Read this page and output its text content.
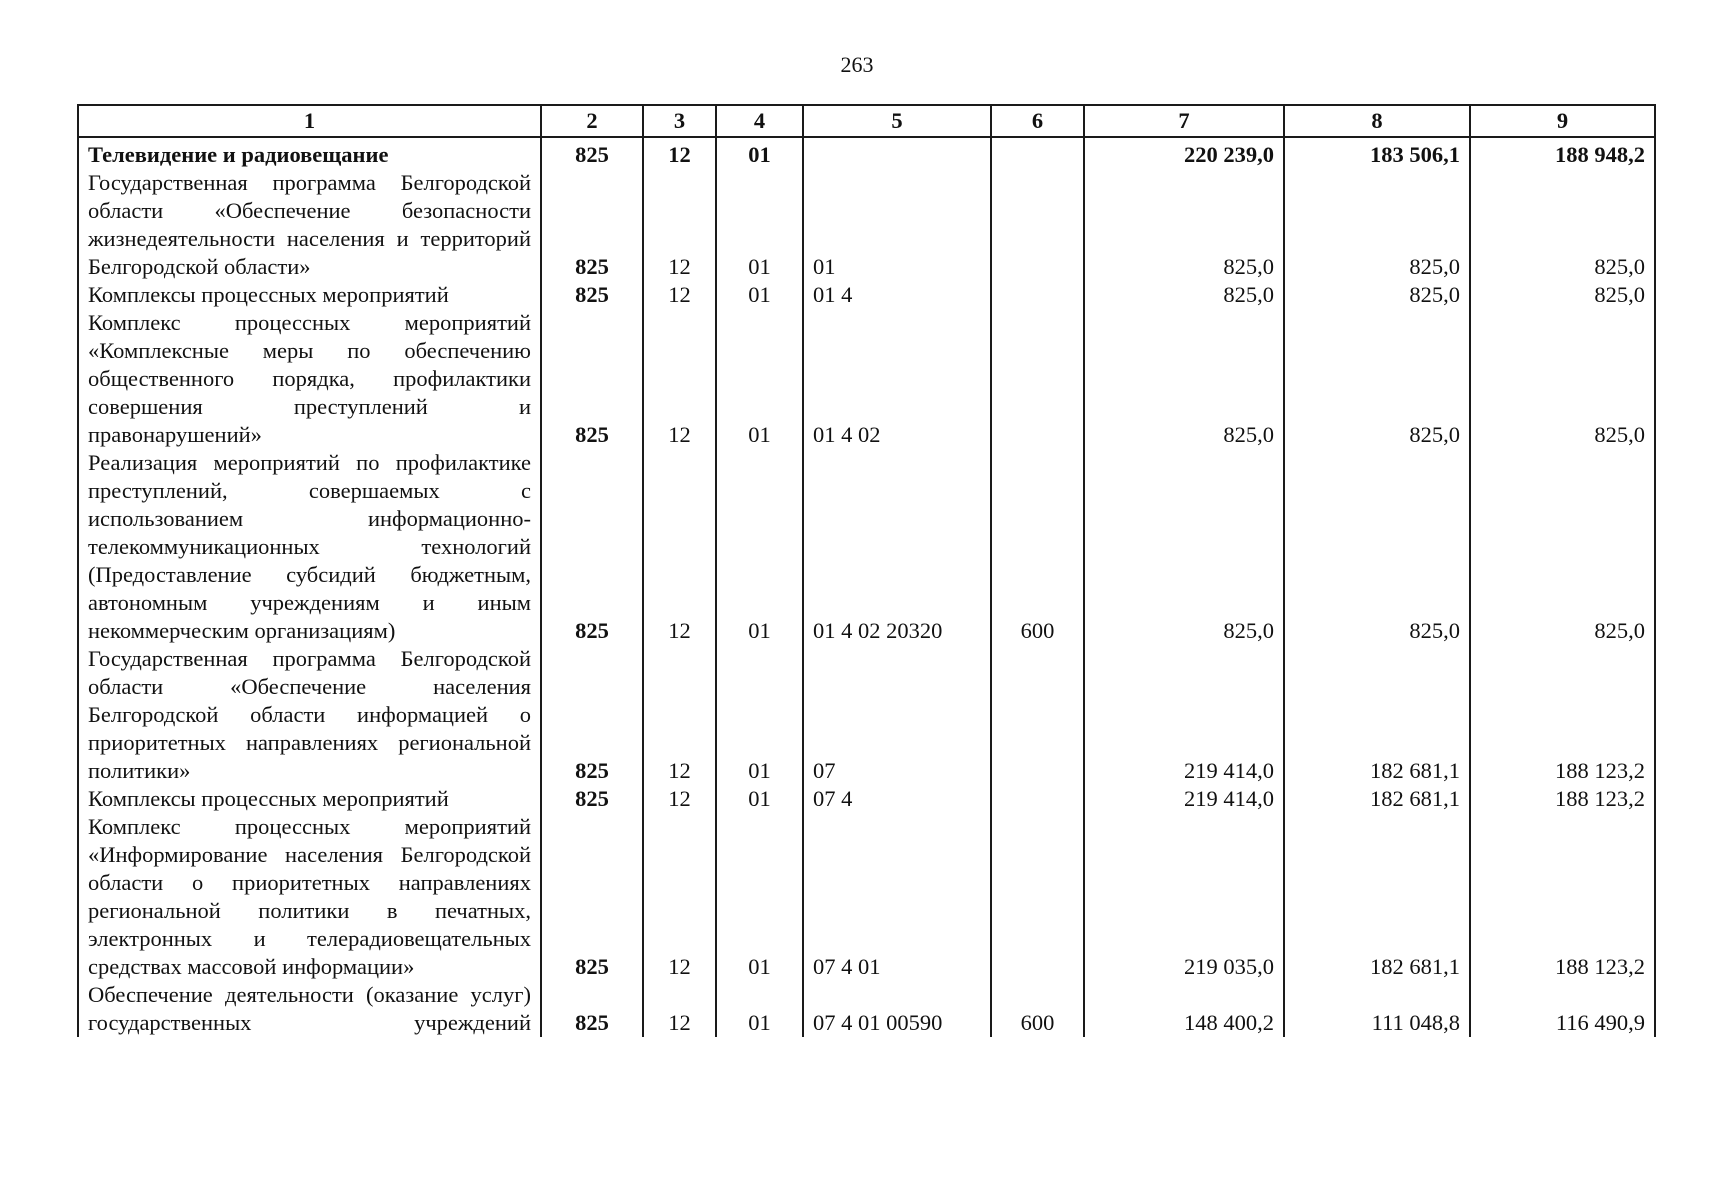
263
1	2	3	4	5	6	7	8	9
Телевидение и радиовещание	825	12	01			220 239,0	183 506,1	188 948,2
Государственная программа Белгородской области «Обеспечение безопасности жизнедеятельности населения и территорий Белгородской области»	825	12	01	01		825,0	825,0	825,0
Комплексы процессных мероприятий	825	12	01	01 4		825,0	825,0	825,0
Комплекс процессных мероприятий «Комплексные меры по обеспечению общественного порядка, профилактики совершения преступлений и правонарушений»	825	12	01	01 4 02		825,0	825,0	825,0
Реализация мероприятий по профилактике преступлений, совершаемых с использованием информационно-телекоммуникационных технологий (Предоставление субсидий бюджетным, автономным учреждениям и иным некоммерческим организациям)	825	12	01	01 4 02 20320	600	825,0	825,0	825,0
Государственная программа Белгородской области «Обеспечение населения Белгородской области информацией о приоритетных направлениях региональной политики»	825	12	01	07		219 414,0	182 681,1	188 123,2
Комплексы процессных мероприятий	825	12	01	07 4		219 414,0	182 681,1	188 123,2
Комплекс процессных мероприятий «Информирование населения Белгородской области о приоритетных направлениях региональной политики в печатных, электронных и телерадиовещательных средствах массовой информации»	825	12	01	07 4 01		219 035,0	182 681,1	188 123,2
Обеспечение деятельности (оказание услуг) государственных учреждений	825	12	01	07 4 01 00590	600	148 400,2	111 048,8	116 490,9
